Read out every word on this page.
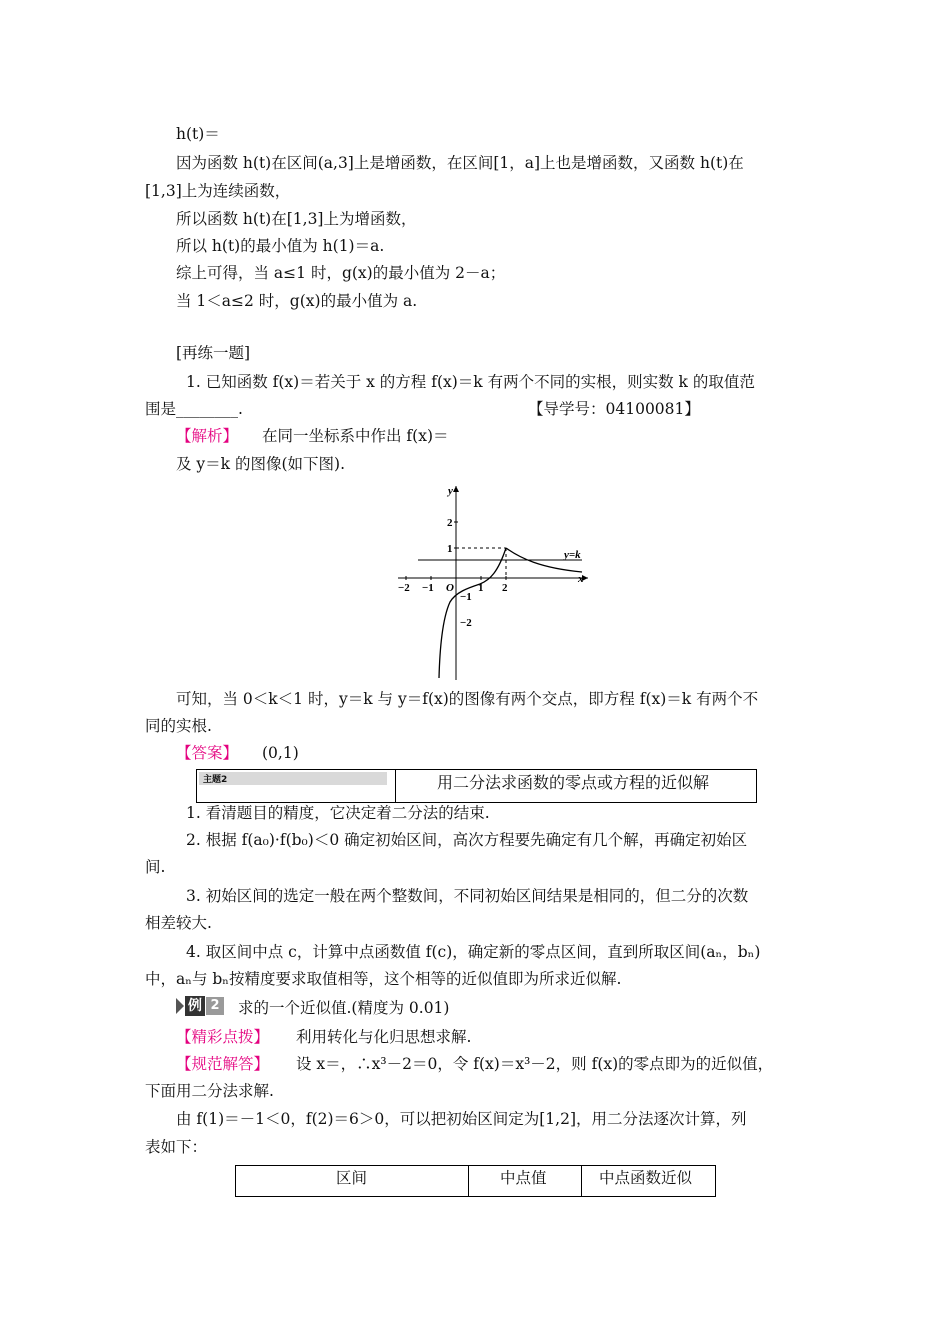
h(t)＝
因为函数 h(t)在区间(a,3]上是增函数，在区间[1，a]上也是增函数，又函数 h(t)在
[1,3]上为连续函数，
所以函数 h(t)在[1,3]上为增函数，
所以 h(t)的最小值为 h(1)＝a.
综上可得，当 a≤1 时，g(x)的最小值为 2－a；
当 1＜a≤2 时，g(x)的最小值为 a.
[再练一题]
1. 已知函数 f(x)＝若关于 x 的方程 f(x)＝k 有两个不同的实根，则实数 k 的取值范
围是________.	【导学号：04100081】
【解析】 在同一坐标系中作出 f(x)＝
及 y＝k 的图像(如下图).
y
x
O
−2 −1	1 2
2
1
−1
−2
y=k
可知，当 0＜k＜1 时，y＝k 与 y＝f(x)的图像有两个交点，即方程 f(x)＝k 有两个不
同的实根.
【答案】 (0,1)
主题2	用二分法求函数的零点或方程的近似解
1. 看清题目的精度，它决定着二分法的结束.
2. 根据 f(a₀)·f(b₀)＜0 确定初始区间，高次方程要先确定有几个解，再确定初始区
间.
3. 初始区间的选定一般在两个整数间，不同初始区间结果是相同的，但二分的次数
相差较大.
4. 取区间中点 c，计算中点函数值 f(c)，确定新的零点区间，直到所取区间(aₙ，bₙ)
中，aₙ与 bₙ按精度要求取值相等，这个相等的近似值即为所求近似解.
例 2 求的一个近似值.(精度为 0.01)
【精彩点拨】 利用转化与化归思想求解.
【规范解答】 设 x＝，∴x³－2＝0，令 f(x)＝x³－2，则 f(x)的零点即为的近似值，
下面用二分法求解.
由 f(1)＝－1＜0，f(2)＝6＞0，可以把初始区间定为[1,2]，用二分法逐次计算，列
表如下：
区间	中点值	中点函数近似
